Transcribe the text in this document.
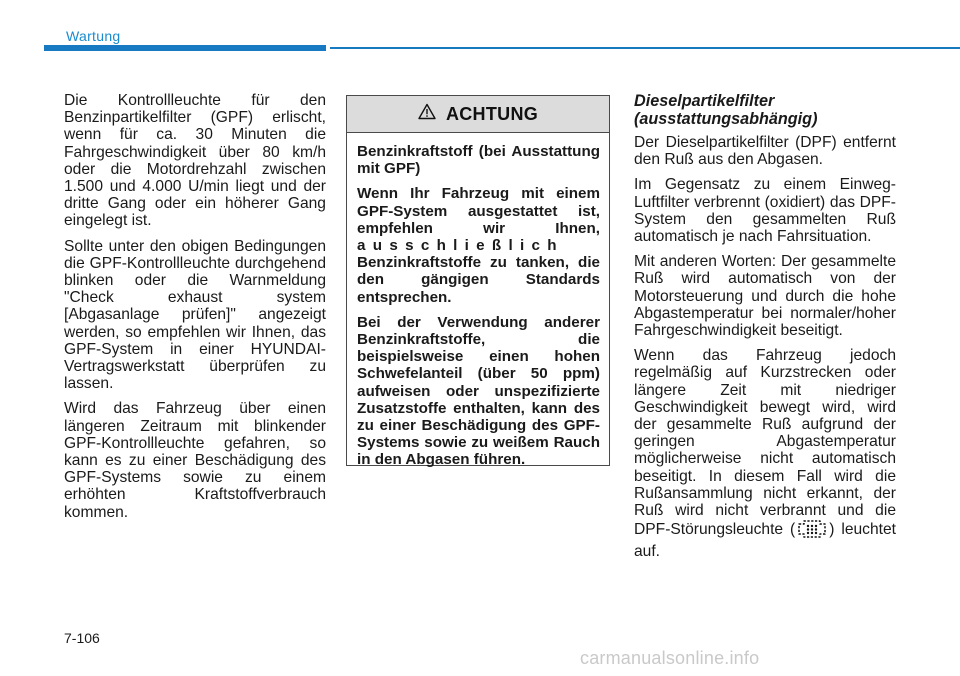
Wartung

Die Kontrollleuchte für den Benzinpartikelfilter (GPF) erlischt, wenn für ca. 30 Minuten die Fahrgeschwindigkeit über 80 km/h oder die Motordrehzahl zwischen 1.500 und 4.000 U/min liegt und der dritte Gang oder ein höherer Gang eingelegt ist.

Sollte unter den obigen Bedingungen die GPF-Kontrollleuchte durchgehend blinken oder die Warnmeldung "Check exhaust system [Abgasanlage prüfen]" angezeigt werden, so empfehlen wir Ihnen, das GPF-System in einer HYUNDAI-Vertragswerkstatt überprüfen zu lassen.

Wird das Fahrzeug über einen längeren Zeitraum mit blinkender GPF-Kontrollleuchte gefahren, so kann es zu einer Beschädigung des GPF-Systems sowie zu einem erhöhten Kraftstoffverbrauch kommen.

ACHTUNG

Benzinkraftstoff (bei Ausstattung mit GPF)

Wenn Ihr Fahrzeug mit einem GPF-System ausgestattet ist, empfehlen wir Ihnen, ausschließlich Benzinkraftstoffe zu tanken, die den gängigen Standards entsprechen.

Bei der Verwendung anderer Benzinkraftstoffe, die beispielsweise einen hohen Schwefelanteil (über 50 ppm) aufweisen oder unspezifizierte Zusatzstoffe enthalten, kann des zu einer Beschädigung des GPF-Systems sowie zu weißem Rauch in den Abgasen führen.

Dieselpartikelfilter (ausstattungsabhängig)

Der Dieselpartikelfilter (DPF) entfernt den Ruß aus den Abgasen.

Im Gegensatz zu einem Einweg-Luftfilter verbrennt (oxidiert) das DPF-System den gesammelten Ruß automatisch je nach Fahrsituation.

Mit anderen Worten: Der gesammelte Ruß wird automatisch von der Motorsteuerung und durch die hohe Abgastemperatur bei normaler/hoher Fahrgeschwindigkeit beseitigt.

Wenn das Fahrzeug jedoch regelmäßig auf Kurzstrecken oder längere Zeit mit niedriger Geschwindigkeit bewegt wird, wird der gesammelte Ruß aufgrund der geringen Abgastemperatur möglicherweise nicht automatisch beseitigt. In diesem Fall wird die Rußansammlung nicht erkannt, der Ruß wird nicht verbrannt und die DPF-Störungsleuchte ( ) leuchtet auf.

7-106
carmanualsonline.info
